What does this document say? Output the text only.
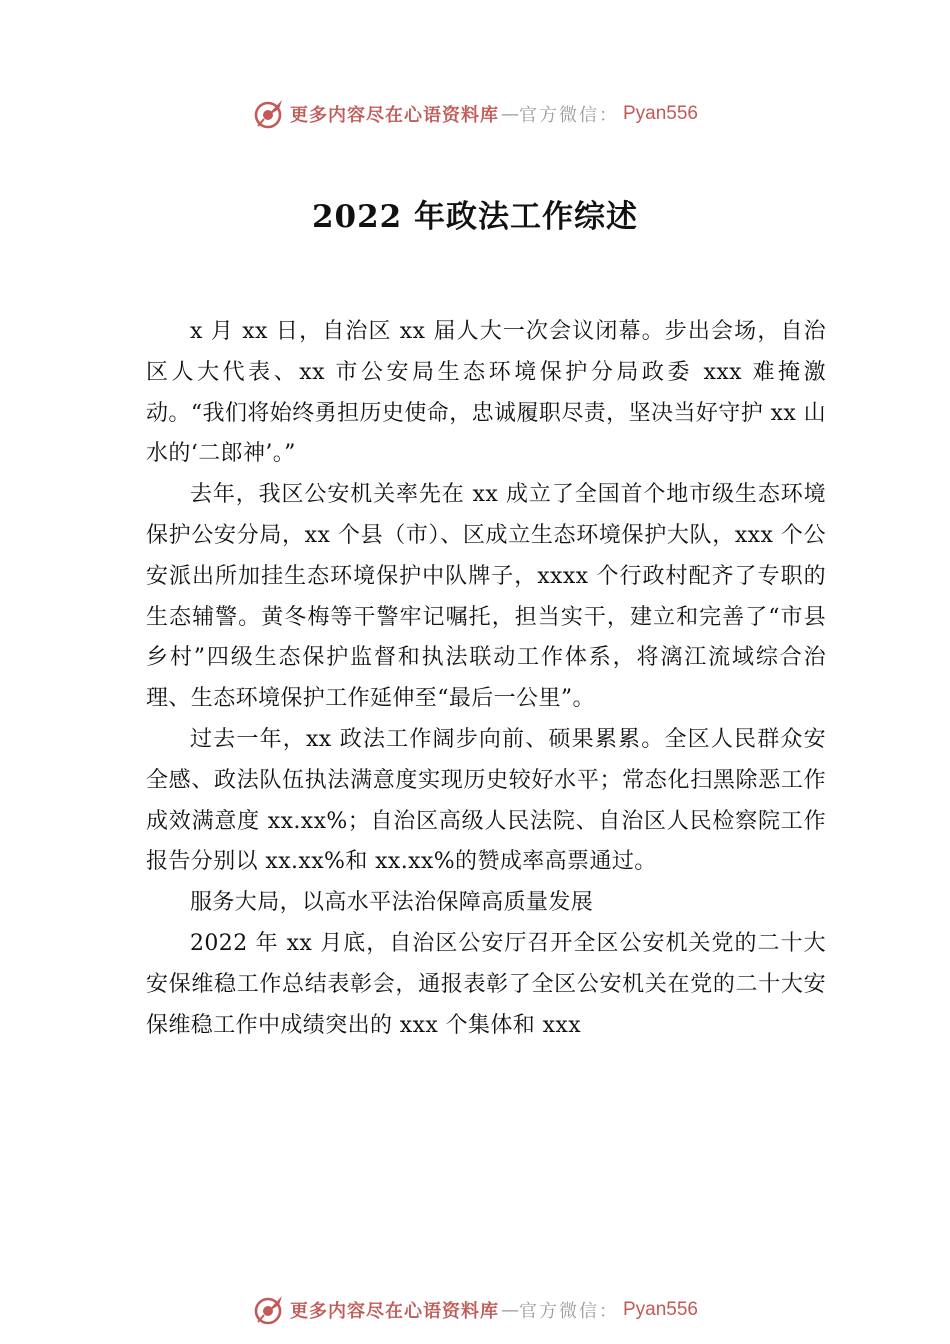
更多内容尽在心语资料库 — 官方微信： Pyan556
2022 年政法工作综述

x 月 xx 日，自治区 xx 届人大一次会议闭幕。步出会场，自治区人大代表、xx 市公安局生态环境保护分局政委 xxx 难掩激动。“我们将始终勇担历史使命，忠诚履职尽责，坚决当好守护 xx 山水的‘二郎神’。”

去年，我区公安机关率先在 xx 成立了全国首个地市级生态环境保护公安分局，xx 个县（市）、区成立生态环境保护大队，xxx 个公安派出所加挂生态环境保护中队牌子，xxxx 个行政村配齐了专职的生态辅警。黄冬梅等干警牢记嘱托，担当实干，建立和完善了“市县乡村”四级生态保护监督和执法联动工作体系，将漓江流域综合治理、生态环境保护工作延伸至“最后一公里”。

过去一年，xx 政法工作阔步向前、硕果累累。全区人民群众安全感、政法队伍执法满意度实现历史较好水平；常态化扫黑除恶工作成效满意度 xx.xx%；自治区高级人民法院、自治区人民检察院工作报告分别以 xx.xx%和 xx.xx%的赞成率高票通过。

服务大局，以高水平法治保障高质量发展

2022 年 xx 月底，自治区公安厅召开全区公安机关党的二十大安保维稳工作总结表彰会，通报表彰了全区公安机关在党的二十大安保维稳工作中成绩突出的 xxx 个集体和 xxx

更多内容尽在心语资料库 — 官方微信： Pyan556
